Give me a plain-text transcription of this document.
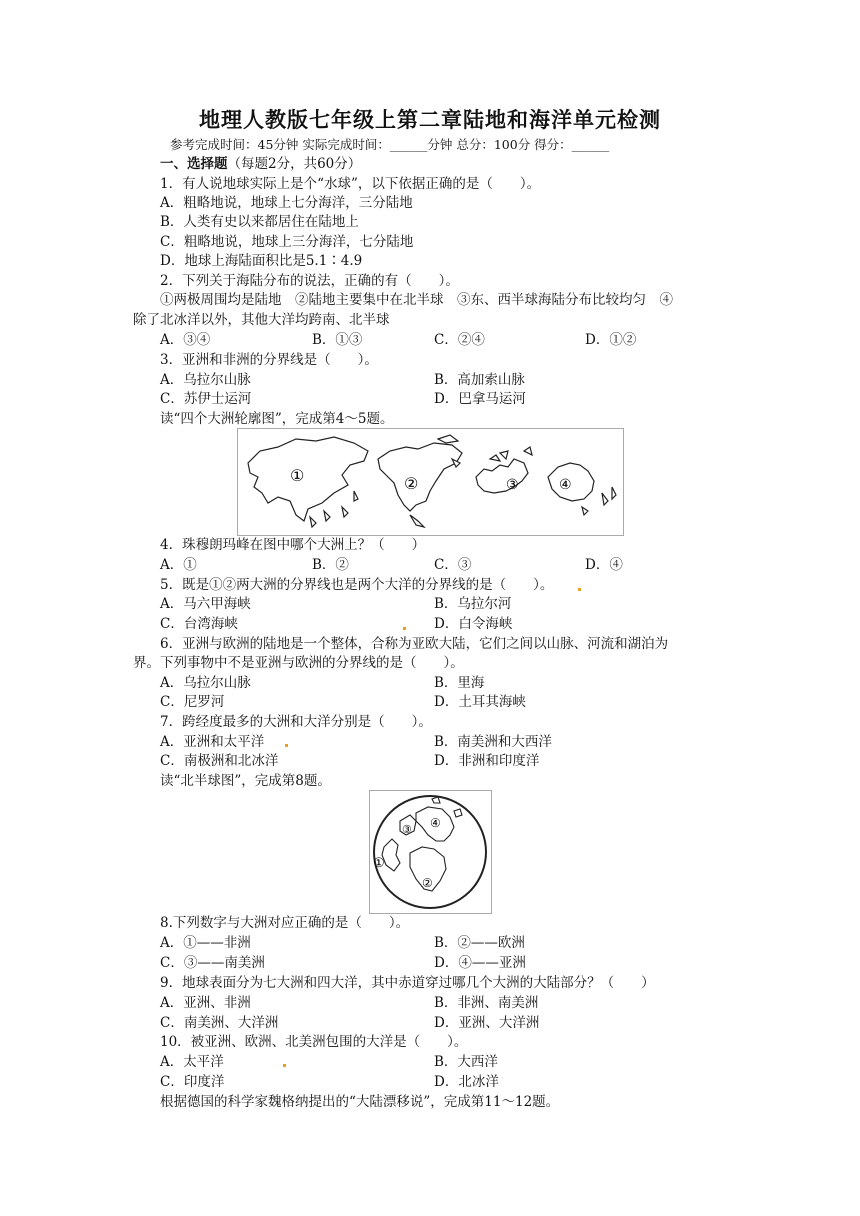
地理人教版七年级上第二章陆地和海洋单元检测
参考完成时间：45分钟 实际完成时间：______分钟 总分：100分 得分：______
一、选择题（每题2分，共60分）
1．有人说地球实际上是个“水球”，以下依据正确的是（　　）。
A．粗略地说，地球上七分海洋，三分陆地
B．人类有史以来都居住在陆地上
C．粗略地说，地球上三分海洋，七分陆地
D．地球上海陆面积比是5.1∶4.9
2．下列关于海陆分布的说法，正确的有（　　）。
①两极周围均是陆地　②陆地主要集中在北半球　③东、西半球海陆分布比较均匀　④
除了北冰洋以外，其他大洋均跨南、北半球
A．③④	B．①③	C．②④	D．①②
3．亚洲和非洲的分界线是（　　）。
A．乌拉尔山脉	B．高加索山脉
C．苏伊士运河	D．巴拿马运河
读“四个大洲轮廓图”，完成第4～5题。
①	②	③	④
4．珠穆朗玛峰在图中哪个大洲上？（　　）
A．①	B．②	C．③	D．④
5．既是①②两大洲的分界线也是两个大洋的分界线的是（　　）。
A．马六甲海峡	B．乌拉尔河
C．台湾海峡	D．白令海峡
6．亚洲与欧洲的陆地是一个整体，合称为亚欧大陆，它们之间以山脉、河流和湖泊为
界。下列事物中不是亚洲与欧洲的分界线的是（　　）。
A．乌拉尔山脉	B．里海
C．尼罗河	D．土耳其海峡
7．跨经度最多的大洲和大洋分别是（　　）。
A．亚洲和太平洋	B．南美洲和大西洋
C．南极洲和北冰洋	D．非洲和印度洋
读“北半球图”，完成第8题。
④
①
②
③
8.下列数字与大洲对应正确的是（　　）。
A．①——非洲	B．②——欧洲
C．③——南美洲	D．④——亚洲
9．地球表面分为七大洲和四大洋，其中赤道穿过哪几个大洲的大陆部分？（　　）
A．亚洲、非洲	B．非洲、南美洲
C．南美洲、大洋洲	D．亚洲、大洋洲
10．被亚洲、欧洲、北美洲包围的大洋是（　　）。
A．太平洋	B．大西洋
C．印度洋	D．北冰洋
根据德国的科学家魏格纳提出的“大陆漂移说”，完成第11～12题。
